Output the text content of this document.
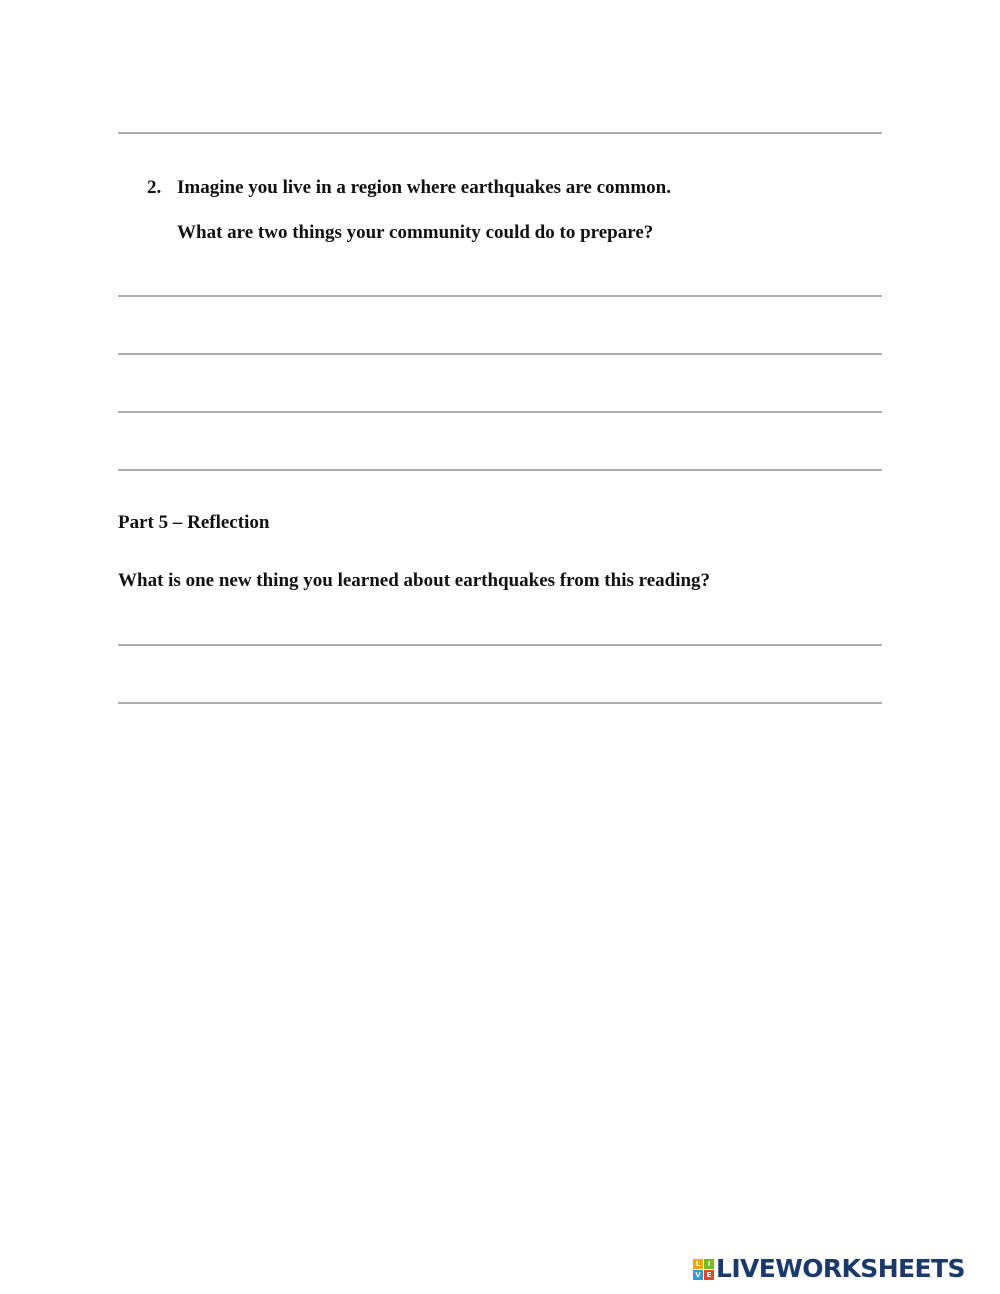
2. Imagine you live in a region where earthquakes are common.
What are two things your community could do to prepare?
Part 5 – Reflection
What is one new thing you learned about earthquakes from this reading?
L	I
V E LIVEWORKSHEETS
